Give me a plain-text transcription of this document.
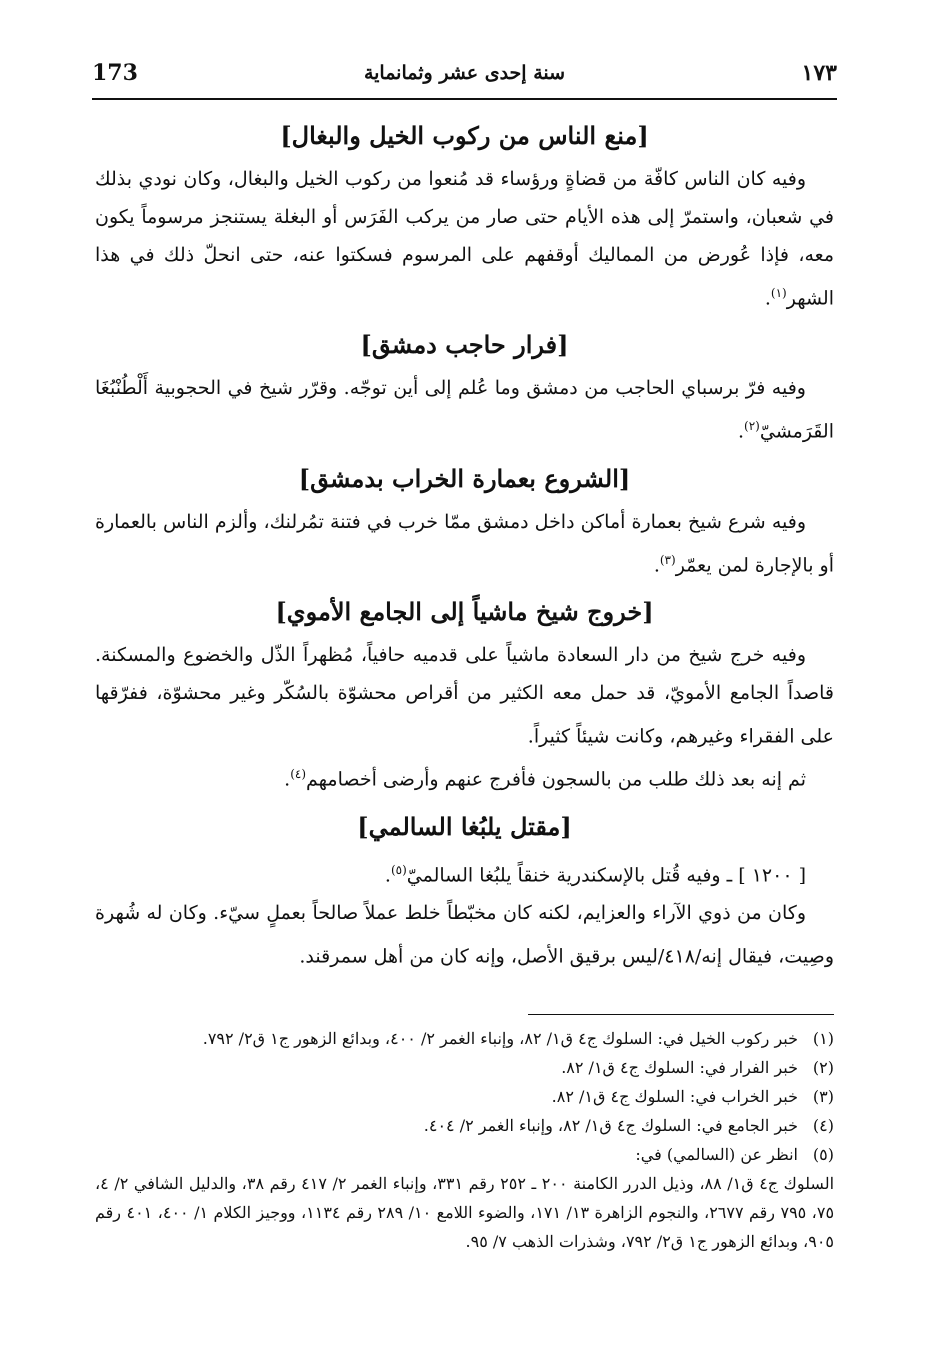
173	سنة إحدى عشر وثمانماية	١٧٣
[منع الناس من ركوب الخيل والبغال]

وفيه كان الناس كافّة من قضاةٍ ورؤساء قد مُنعوا من ركوب الخيل والبغال، وكان نودي بذلك في شعبان، واستمرّ إلى هذه الأيام حتى صار من يركب الفَرَس أو البغلة يستنجز مرسوماً يكون معه، فإذا عُورض من المماليك أوقفهم على المرسوم فسكتوا عنه، حتى انحلّ ذلك في هذا الشهر$^{(١)}$.

[فرار حاجب دمشق]

وفيه فرّ برسباي الحاجب من دمشق وما عُلم إلى أين توجّه. وقرّر شيخ في الحجوبية أَلْطُنْبُغَا القَرَمشيّ$^{(٢)}$.

[الشروع بعمارة الخراب بدمشق]

وفيه شرع شيخ بعمارة أماكن داخل دمشق ممّا خرب في فتنة تمُرلنك، وألزم الناس بالعمارة أو بالإجارة لمن يعمّر$^{(٣)}$.

[خروج شيخ ماشياً إلى الجامع الأموي]

وفيه خرج شيخ من دار السعادة ماشياً على قدميه حافياً، مُظهراً الذّل والخضوع والمسكنة. قاصداً الجامع الأمويّ، قد حمل معه الكثير من أقراص محشوّة بالسُكّر وغير محشوّة، ففرّقها على الفقراء وغيرهم، وكانت شيئاً كثيراً.

ثم إنه بعد ذلك طلب من بالسجون فأفرج عنهم وأرضى أخصامهم$^{(٤)}$.

[مقتل يلبُغا السالمي]

[ ١٢٠٠ ] ـ وفيه قُتل بالإسكندرية خنقاً يلبُغا السالميّ$^{(٥)}$.

وكان من ذوي الآراء والعزايم، لكنه كان مخبّطاً خلط عملاً صالحاً بعملٍ سيّء. وكان له شُهرة وصِيت، فيقال إنه/٤١٨/ليس برقيق الأصل، وإنه كان من أهل سمرقند.

(١)
خبر ركوب الخيل في: السلوك ج٤ ق١/ ٨٢، وإنباء الغمر ٢/ ٤٠٠، وبدائع الزهور ج١ ق٢/ ٧٩٢.
(٢)
خبر الفرار في: السلوك ج٤ ق١/ ٨٢.
(٣)
خبر الخراب في: السلوك ج٤ ق١/ ٨٢.
(٤)
خبر الجامع في: السلوك ج٤ ق١/ ٨٢، وإنباء الغمر ٢/ ٤٠٤.
(٥)
انظر عن (السالمي) في:

السلوك ج٤ ق١/ ٨٨، وذيل الدرر الكامنة ٢٠٠ ـ ٢٥٢ رقم ٣٣١، وإنباء الغمر ٢/ ٤١٧ رقم ٣٨، والدليل الشافي ٢/ ٤، ٧٥، ٧٩٥ رقم ٢٦٧٧، والنجوم الزاهرة ١٣/ ١٧١، والضوء اللامع ١٠/ ٢٨٩ رقم ١١٣٤، ووجيز الكلام ١/ ٤٠٠، ٤٠١ رقم ٩٠٥، وبدائع الزهور ج١ ق٢/ ٧٩٢، وشذرات الذهب ٧/ ٩٥.
